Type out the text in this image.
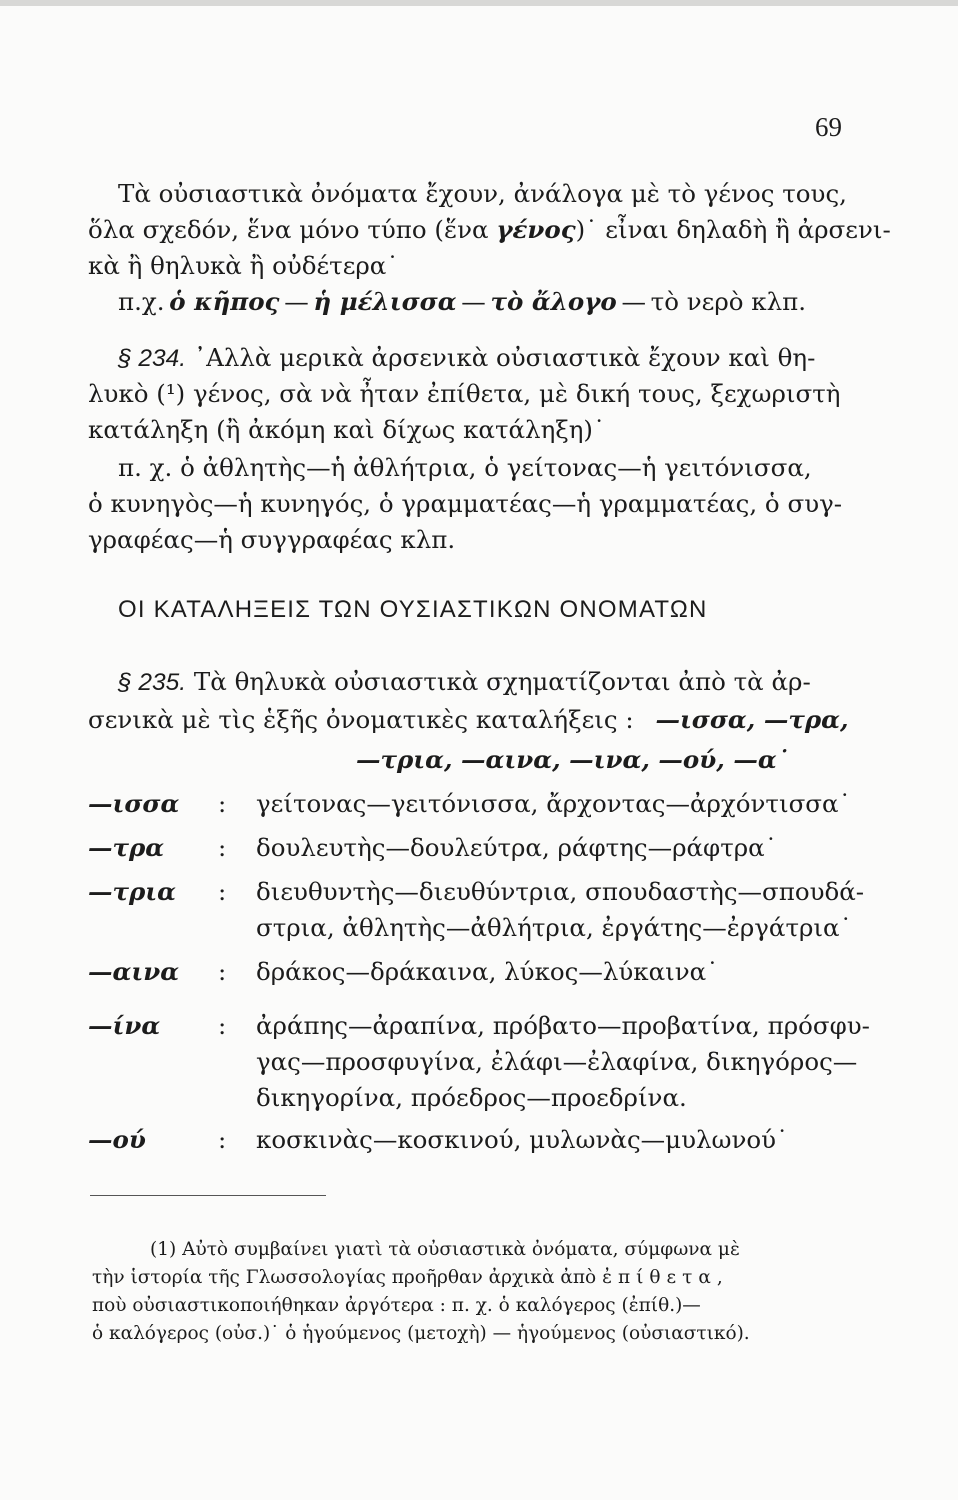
69
Τὰ οὐσιαστικὰ ὀνόματα ἔχουν, ἀνάλογα μὲ τὸ γένος τους,
ὅλα σχεδόν, ἕνα μόνο τύπο (ἕνα γένος)˙ εἶναι δηλαδὴ ἢ ἀρσενι-
κὰ ἢ θηλυκὰ ἢ οὐδέτερα˙
π.χ. ὁ κῆπος — ἡ μέλισσα — τὸ ἄλογο — τὸ νερὸ κλπ.
§ 234. ᾿Αλλὰ μερικὰ ἀρσενικὰ οὐσιαστικὰ ἔχουν καὶ θη-
λυκὸ (¹) γένος, σὰ νὰ ἦταν ἐπίθετα, μὲ δική τους, ξεχωριστὴ
κατάληξη (ἢ ἀκόμη καὶ δίχως κατάληξη)˙
π. χ. ὁ ἀθλητὴς—ἡ ἀθλήτρια, ὁ γείτονας—ἡ γειτόνισσα,
ὁ κυνηγὸς—ἡ κυνηγός, ὁ γραμματέας—ἡ γραμματέας, ὁ συγ-
γραφέας—ἡ συγγραφέας κλπ.
ΟΙ ΚΑΤΑΛΗΞΕΙΣ ΤΩΝ ΟΥΣΙΑΣΤΙΚΩΝ ΟΝΟΜΑΤΩΝ
§ 235. Τὰ θηλυκὰ οὐσιαστικὰ σχηματίζονται ἀπὸ τὰ ἀρ-
σενικὰ μὲ τὶς ἑξῆς ὀνοματικὲς καταλήξεις : —ισσα, —τρα,
—τρια, —αινα, —ινα, —ού, —α˙
—ισσα	: γείτονας—γειτόνισσα, ἄρχοντας—ἀρχόντισσα˙
—τρα	: δουλευτὴς—δουλεύτρα, ράφτης—ράφτρα˙
—τρια	: διευθυντὴς—διευθύντρια, σπουδαστὴς—σπουδά-
στρια, ἀθλητὴς—ἀθλήτρια, ἐργάτης—ἐργάτρια˙
—αινα	: δράκος—δράκαινα, λύκος—λύκαινα˙
—ίνα	: ἀράπης—ἀραπίνα, πρόβατο—προβατίνα, πρόσφυ-
γας—προσφυγίνα, ἐλάφι—ἐλαφίνα, δικηγόρος—
δικηγορίνα, πρόεδρος—προεδρίνα.
—ού	: κοσκινὰς—κοσκινού, μυλωνὰς—μυλωνού˙
(1) Αὐτὸ συμβαίνει γιατὶ τὰ οὐσιαστικὰ ὀνόματα, σύμφωνα μὲ
τὴν ἱστορία τῆς Γλωσσολογίας προῆρθαν ἀρχικὰ ἀπὸ ἐπίθετα,
ποὺ οὐσιαστικοποιήθηκαν ἀργότερα : π. χ. ὁ καλόγερος (ἐπίθ.)—
ὁ καλόγερος (οὐσ.)˙ ὁ ἡγούμενος (μετοχὴ) — ἡγούμενος (οὐσιαστικό).
